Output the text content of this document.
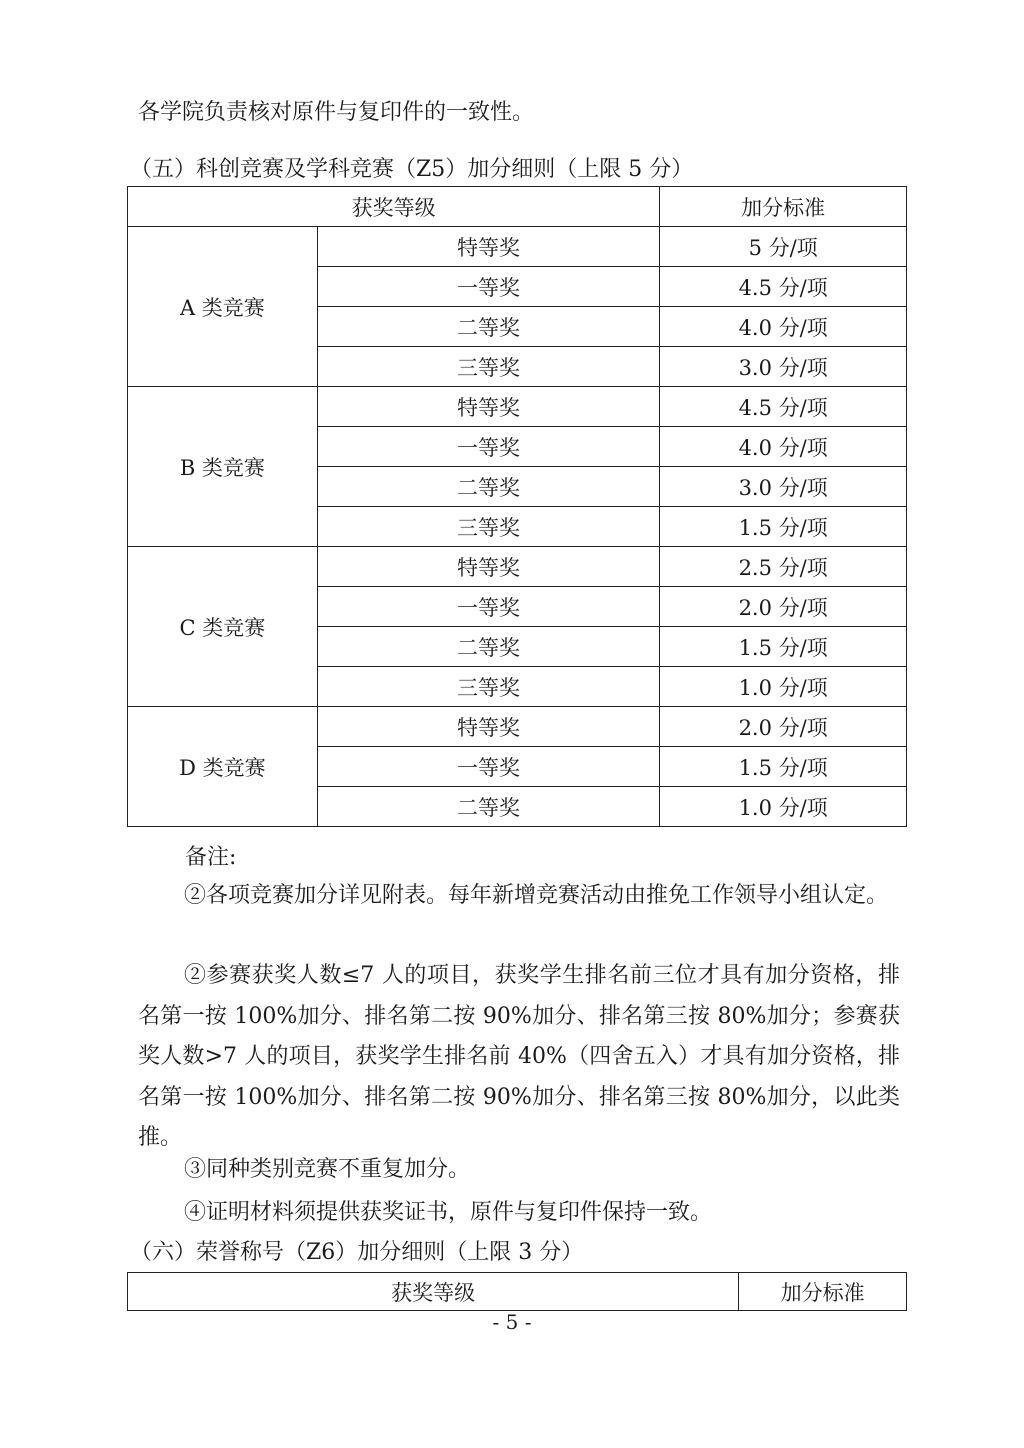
各学院负责核对原件与复印件的一致性。
（五）科创竞赛及学科竞赛（Z5）加分细则（上限 5 分）
获奖等级		加分标准
A 类竞赛	特等奖	5 分/项
	一等奖	4.5 分/项
	二等奖	4.0 分/项
	三等奖	3.0 分/项
B 类竞赛	特等奖	4.5 分/项
	一等奖	4.0 分/项
	二等奖	3.0 分/项
	三等奖	1.5 分/项
C 类竞赛	特等奖	2.5 分/项
	一等奖	2.0 分/项
	二等奖	1.5 分/项
	三等奖	1.0 分/项
D 类竞赛	特等奖	2.0 分/项
	一等奖	1.5 分/项
	二等奖	1.0 分/项
备注:
②各项竞赛加分详见附表。每年新增竞赛活动由推免工作领导小组认定。
②参赛获奖人数≤7 人的项目，获奖学生排名前三位才具有加分资格，排名第一按 100%加分、排名第二按 90%加分、排名第三按 80%加分；参赛获奖人数>7 人的项目，获奖学生排名前 40%（四舍五入）才具有加分资格，排名第一按 100%加分、排名第二按 90%加分、排名第三按 80%加分，以此类推。
③同种类别竞赛不重复加分。
④证明材料须提供获奖证书，原件与复印件保持一致。
（六）荣誉称号（Z6）加分细则（上限 3 分）
获奖等级	加分标准
- 5 -
